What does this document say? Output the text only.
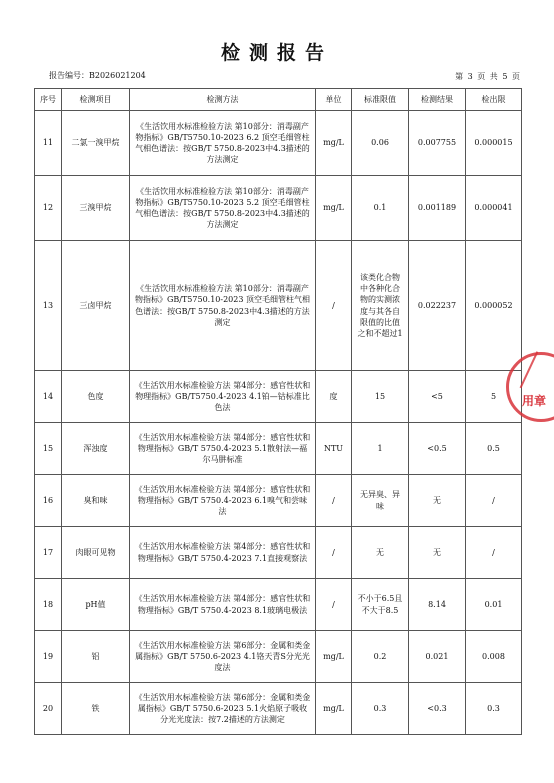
检测报告
报告编号：B2026021204	第 3 页 共 5 页
序号	检测项目	检测方法	单位	标准限值	检测结果	检出限
11	二氯一溴甲烷	《生活饮用水标准检验方法 第10部分：消毒副产物指标》GB/T5750.10-2023 6.2 顶空毛细管柱气相色谱法：按GB/T 5750.8-2023中4.3描述的方法测定	mg/L	0.06	0.007755	0.000015
12	三溴甲烷	《生活饮用水标准检验方法 第10部分：消毒副产物指标》GB/T5750.10-2023 5.2 顶空毛细管柱气相色谱法：按GB/T 5750.8-2023中4.3描述的方法测定	mg/L	0.1	0.001189	0.000041
13	三卤甲烷	《生活饮用水标准检验方法 第10部分：消毒副产物指标》GB/T5750.10-2023 顶空毛细管柱气相色谱法：按GB/T 5750.8-2023中4.3描述的方法测定	/	该类化合物中各种化合物的实测浓度与其各自限值的比值之和不超过1	0.022237	0.000052
14	色度	《生活饮用水标准检验方法 第4部分：感官性状和物理指标》GB/T5750.4-2023 4.1铂—钴标准比色法	度	15	<5	5
15	浑浊度	《生活饮用水标准检验方法 第4部分：感官性状和物理指标》GB/T 5750.4-2023 5.1散射法—福尔马肼标准	NTU	1	<0.5	0.5
16	臭和味	《生活饮用水标准检验方法 第4部分：感官性状和物理指标》GB/T 5750.4-2023 6.1嗅气和尝味法	/	无异臭、异味	无	/
17	肉眼可见物	《生活饮用水标准检验方法 第4部分：感官性状和物理指标》GB/T 5750.4-2023 7.1直接观察法	/	无	无	/
18	pH值	《生活饮用水标准检验方法 第4部分：感官性状和物理指标》GB/T 5750.4-2023 8.1玻璃电极法	/	不小于6.5且不大于8.5	8.14	0.01
19	铝	《生活饮用水标准检验方法 第6部分：金属和类金属指标》GB/T 5750.6-2023 4.1铬天青S分光光度法	mg/L	0.2	0.021	0.008
20	铁	《生活饮用水标准检验方法 第6部分：金属和类金属指标》GB/T 5750.6-2023 5.1火焰原子吸收分光光度法：按7.2描述的方法测定	mg/L	0.3	<0.3	0.3
用章
